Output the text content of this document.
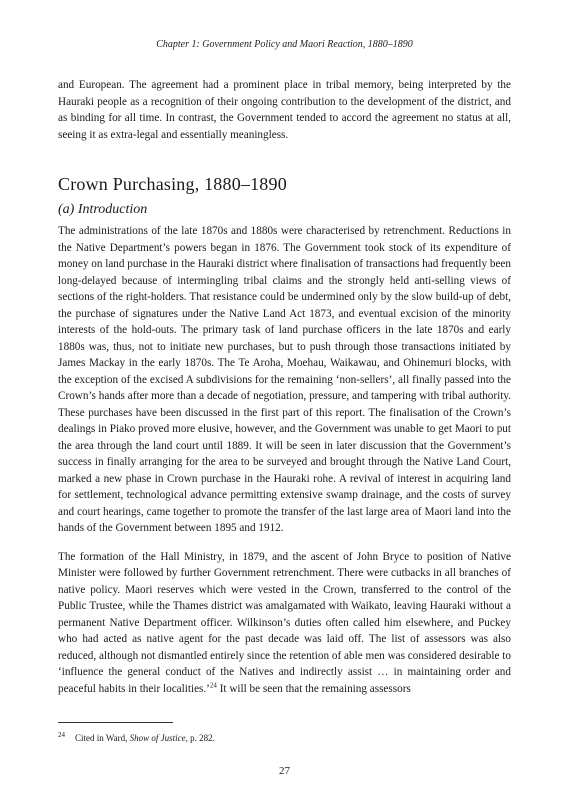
Chapter 1: Government Policy and Maori Reaction, 1880–1890

and European. The agreement had a prominent place in tribal memory, being interpreted by the Hauraki people as a recognition of their ongoing contribution to the development of the district, and as binding for all time. In contrast, the Government tended to accord the agreement no status at all, seeing it as extra-legal and essentially meaningless.

Crown Purchasing, 1880–1890
(a) Introduction

The administrations of the late 1870s and 1880s were characterised by retrenchment. Reductions in the Native Department’s powers began in 1876. The Government took stock of its expenditure of money on land purchase in the Hauraki district where finalisation of transactions had frequently been long-delayed because of intermingling tribal claims and the strongly held anti-selling views of sections of the right-holders. That resistance could be undermined only by the slow build-up of debt, the purchase of signatures under the Native Land Act 1873, and eventual excision of the minority interests of the hold-outs. The primary task of land purchase officers in the late 1870s and early 1880s was, thus, not to initiate new purchases, but to push through those transactions initiated by James Mackay in the early 1870s. The Te Aroha, Moehau, Waikawau, and Ohinemuri blocks, with the exception of the excised A subdivisions for the remaining ‘non-sellers’, all finally passed into the Crown’s hands after more than a decade of negotiation, pressure, and tampering with tribal authority. These purchases have been discussed in the first part of this report. The finalisation of the Crown’s dealings in Piako proved more elusive, however, and the Government was unable to get Maori to put the area through the land court until 1889. It will be seen in later discussion that the Government’s success in finally arranging for the area to be surveyed and brought through the Native Land Court, marked a new phase in Crown purchase in the Hauraki rohe. A revival of interest in acquiring land for settlement, technological advance permitting extensive swamp drainage, and the costs of survey and court hearings, came together to promote the transfer of the last large area of Maori land into the hands of the Government between 1895 and 1912.

The formation of the Hall Ministry, in 1879, and the ascent of John Bryce to position of Native Minister were followed by further Government retrenchment. There were cutbacks in all branches of native policy. Maori reserves which were vested in the Crown, transferred to the control of the Public Trustee, while the Thames district was amalgamated with Waikato, leaving Hauraki without a permanent Native Department officer. Wilkinson’s duties often called him elsewhere, and Puckey who had acted as native agent for the past decade was laid off. The list of assessors was also reduced, although not dismantled entirely since the retention of able men was considered desirable to ‘influence the general conduct of the Natives and indirectly assist … in maintaining order and peaceful habits in their localities.’$^{24}$ It will be seen that the remaining assessors

$^{24}$ Cited in Ward, Show of Justice, p. 282.
27
